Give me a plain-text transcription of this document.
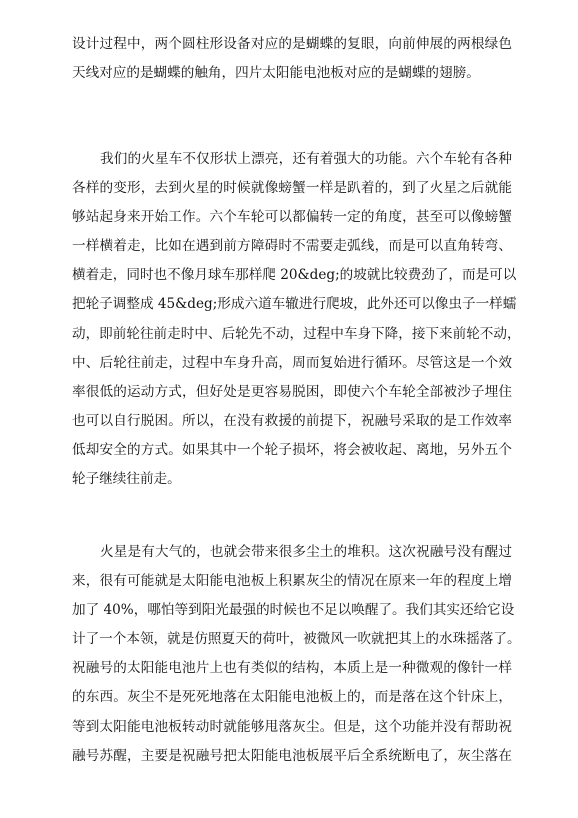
设计过程中，两个圆柱形设备对应的是蝴蝶的复眼，向前伸展的两根绿色
天线对应的是蝴蝶的触角，四片太阳能电池板对应的是蝴蝶的翅膀。
我们的火星车不仅形状上漂亮，还有着强大的功能。六个车轮有各种
各样的变形，去到火星的时候就像螃蟹一样是趴着的，到了火星之后就能
够站起身来开始工作。六个车轮可以都偏转一定的角度，甚至可以像螃蟹
一样横着走，比如在遇到前方障碍时不需要走弧线，而是可以直角转弯、
横着走，同时也不像月球车那样爬 20&deg;的坡就比较费劲了，而是可以
把轮子调整成 45&deg;形成六道车辙进行爬坡，此外还可以像虫子一样蠕
动，即前轮往前走时中、后轮先不动，过程中车身下降，接下来前轮不动，
中、后轮往前走，过程中车身升高，周而复始进行循环。尽管这是一个效
率很低的运动方式，但好处是更容易脱困，即使六个车轮全部被沙子埋住
也可以自行脱困。所以，在没有救援的前提下，祝融号采取的是工作效率
低却安全的方式。如果其中一个轮子损坏，将会被收起、离地，另外五个
轮子继续往前走。
火星是有大气的，也就会带来很多尘土的堆积。这次祝融号没有醒过
来，很有可能就是太阳能电池板上积累灰尘的情况在原来一年的程度上增
加了 40%，哪怕等到阳光最强的时候也不足以唤醒了。我们其实还给它设
计了一个本领，就是仿照夏天的荷叶，被微风一吹就把其上的水珠摇落了。
祝融号的太阳能电池片上也有类似的结构，本质上是一种微观的像针一样
的东西。灰尘不是死死地落在太阳能电池板上的，而是落在这个针床上，
等到太阳能电池板转动时就能够甩落灰尘。但是，这个功能并没有帮助祝
融号苏醒，主要是祝融号把太阳能电池板展平后全系统断电了，灰尘落在
